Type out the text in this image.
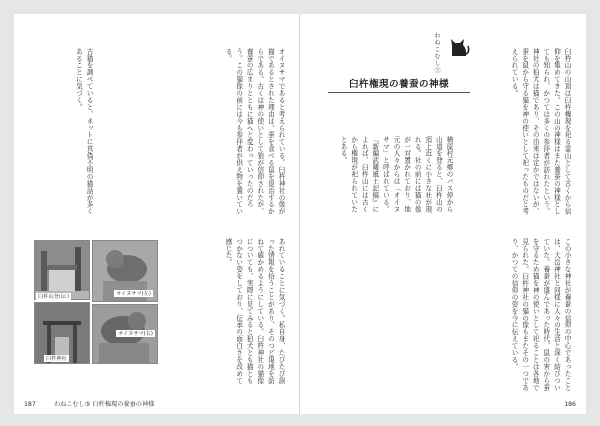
オイヌサマであると考えられている。臼杵神社の像が猫であるとされた理由は、蚕を食べる鼠を退治するからである。古くは神の使いとして狼が信仰されたが、養蚕の広まりとともに猫へと変わっていったのだろう。この猫像の前には今も参拝者が供え物を置いている。
古猫を調べていると、ネットに真偽不明の猫話が多くあることに気づく。
臼杵山登山口	オイヌサマ(左)
臼杵神社
オイヌサマ(右)	あれていることに気づく。私自身、たびたび誤った情報を拾うことがあり、そのつど現地を訪ねて確かめるようにしている。臼杵神社の猫像についても、実際に見てみると狛犬とも猫ともつかない姿をしており、伝承の面白さを改めて感じた。
187	わねこむし⑤ 臼杵権現の養蚕の神様
臼杵山の山頂は臼杵権現を祀る霊山として古くから信仰を集めてきた。この山の神様はまた養蚕の神様としても知られ、かつては多くの参拝者が訪れたという。神社の狛犬は猫であり、その由来は定かではないが、蚕を鼠から守る猫を神の使いとして祀ったものだと考えられている。
わねこむし⑤
臼杵権現の養蚕の神様
檜原村元郷のバス停から山道を登ると、臼杵山の頂上近くに小さな社が現れる。社の前には猫の像が一対置かれており、地元の人々からは「オイヌサマ」と呼ばれている。『新編武蔵風土記稿』によれば、臼杵山には古くから権現が祀られていたとある。
この小さな神社が養蚕の信仰の中心であったことは、大岳神社と同様に人々の生活と深く結びついていた。養蚕が盛んであった時代、鼠の害から蚕を守るため猫を神の使いとして祀ることは各地で見られた。臼杵神社の猫の像もまたその一つであり、かつての信仰の姿を今に伝えている。
186
